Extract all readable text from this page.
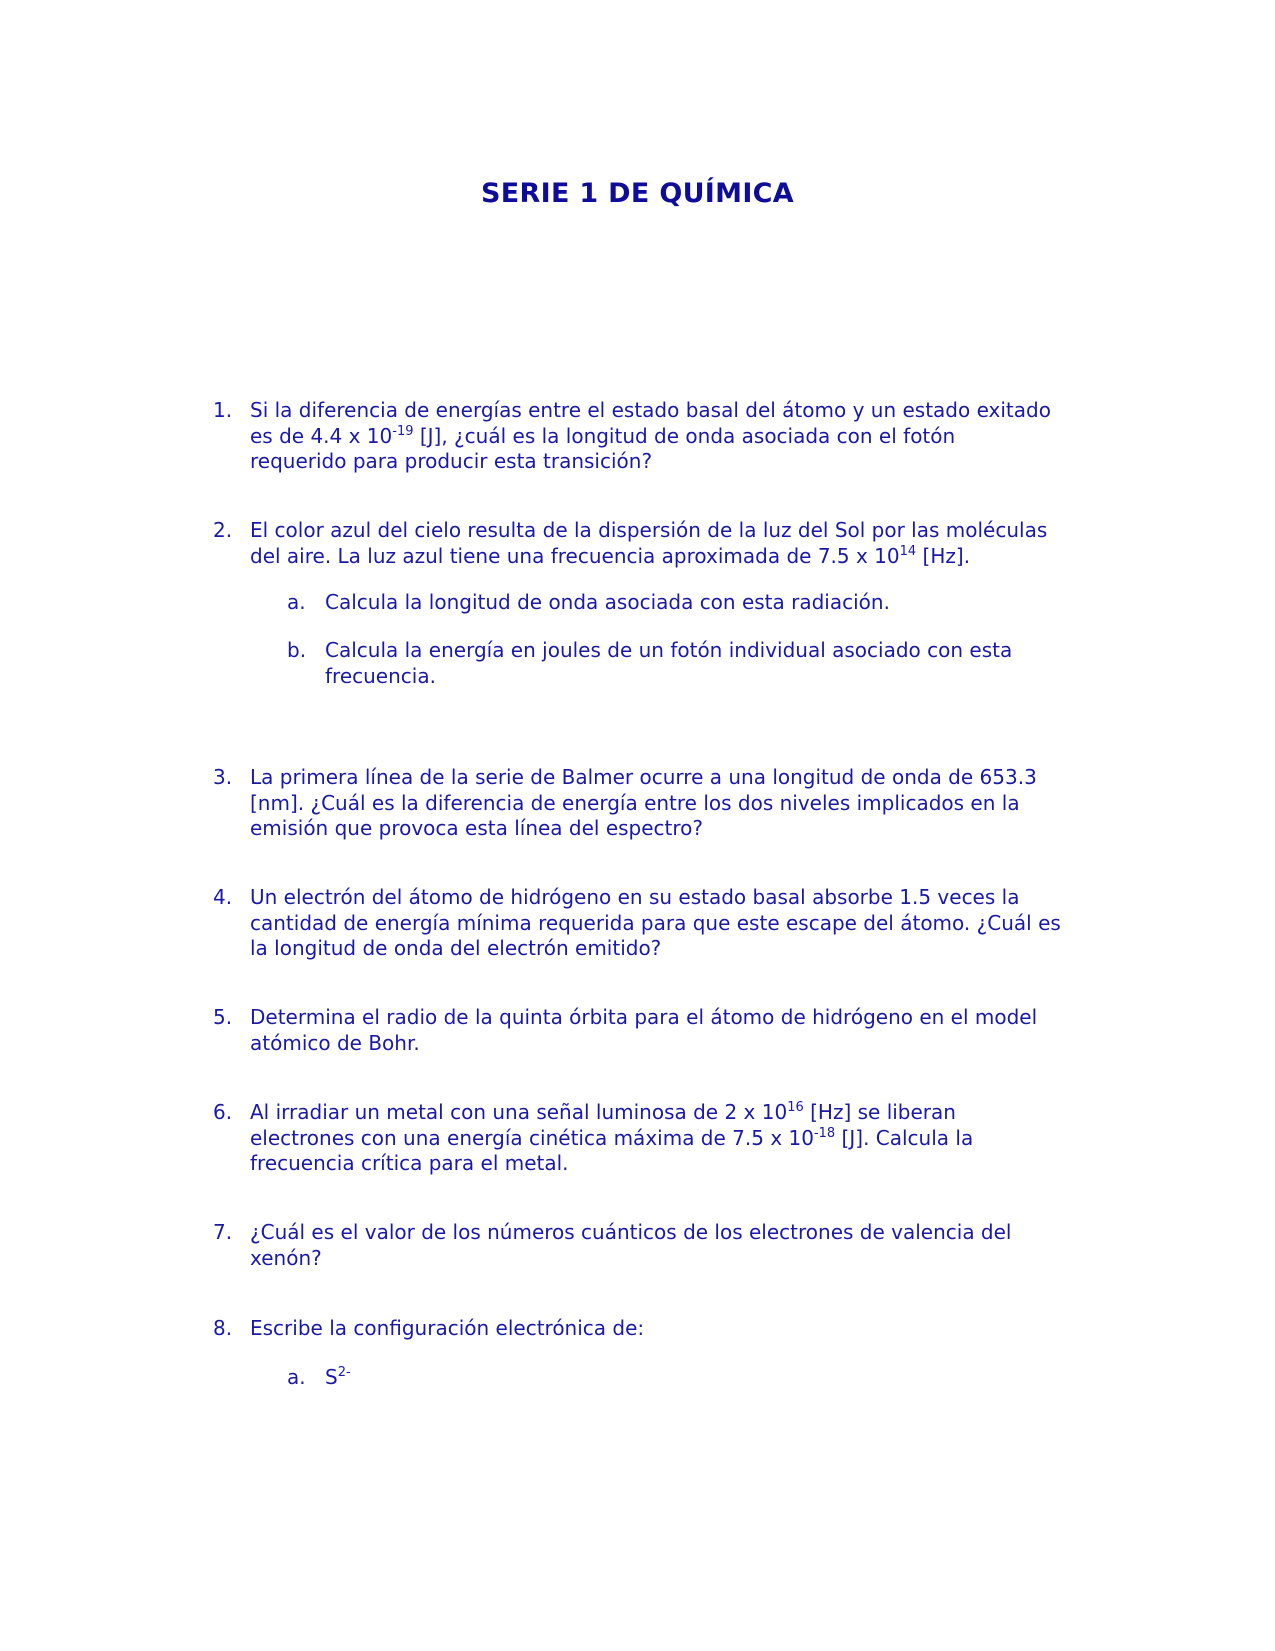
SERIE 1 DE QUÍMICA
1. Si la diferencia de energías entre el estado basal del átomo y un estado exitado
es de 4.4 x $10^{-19}$ [J], ¿cuál es la longitud de onda asociada con el fotón
requerido para producir esta transición?
2. El color azul del cielo resulta de la dispersión de la luz del Sol por las moléculas
del aire. La luz azul tiene una frecuencia aproximada de 7.5 x $10^{14}$ [Hz].
a. Calcula la longitud de onda asociada con esta radiación.
b. Calcula la energía en joules de un fotón individual asociado con esta
frecuencia.
3. La primera línea de la serie de Balmer ocurre a una longitud de onda de 653.3
[nm]. ¿Cuál es la diferencia de energía entre los dos niveles implicados en la
emisión que provoca esta línea del espectro?
4. Un electrón del átomo de hidrógeno en su estado basal absorbe 1.5 veces la
cantidad de energía mínima requerida para que este escape del átomo. ¿Cuál es
la longitud de onda del electrón emitido?
5. Determina el radio de la quinta órbita para el átomo de hidrógeno en el model
atómico de Bohr.
6. Al irradiar un metal con una señal luminosa de 2 x $10^{16}$ [Hz] se liberan
electrones con una energía cinética máxima de 7.5 x $10^{-18}$ [J]. Calcula la
frecuencia crítica para el metal.
7. ¿Cuál es el valor de los números cuánticos de los electrones de valencia del
xenón?
8. Escribe la configuración electrónica de:
a. $S^{2-}$
